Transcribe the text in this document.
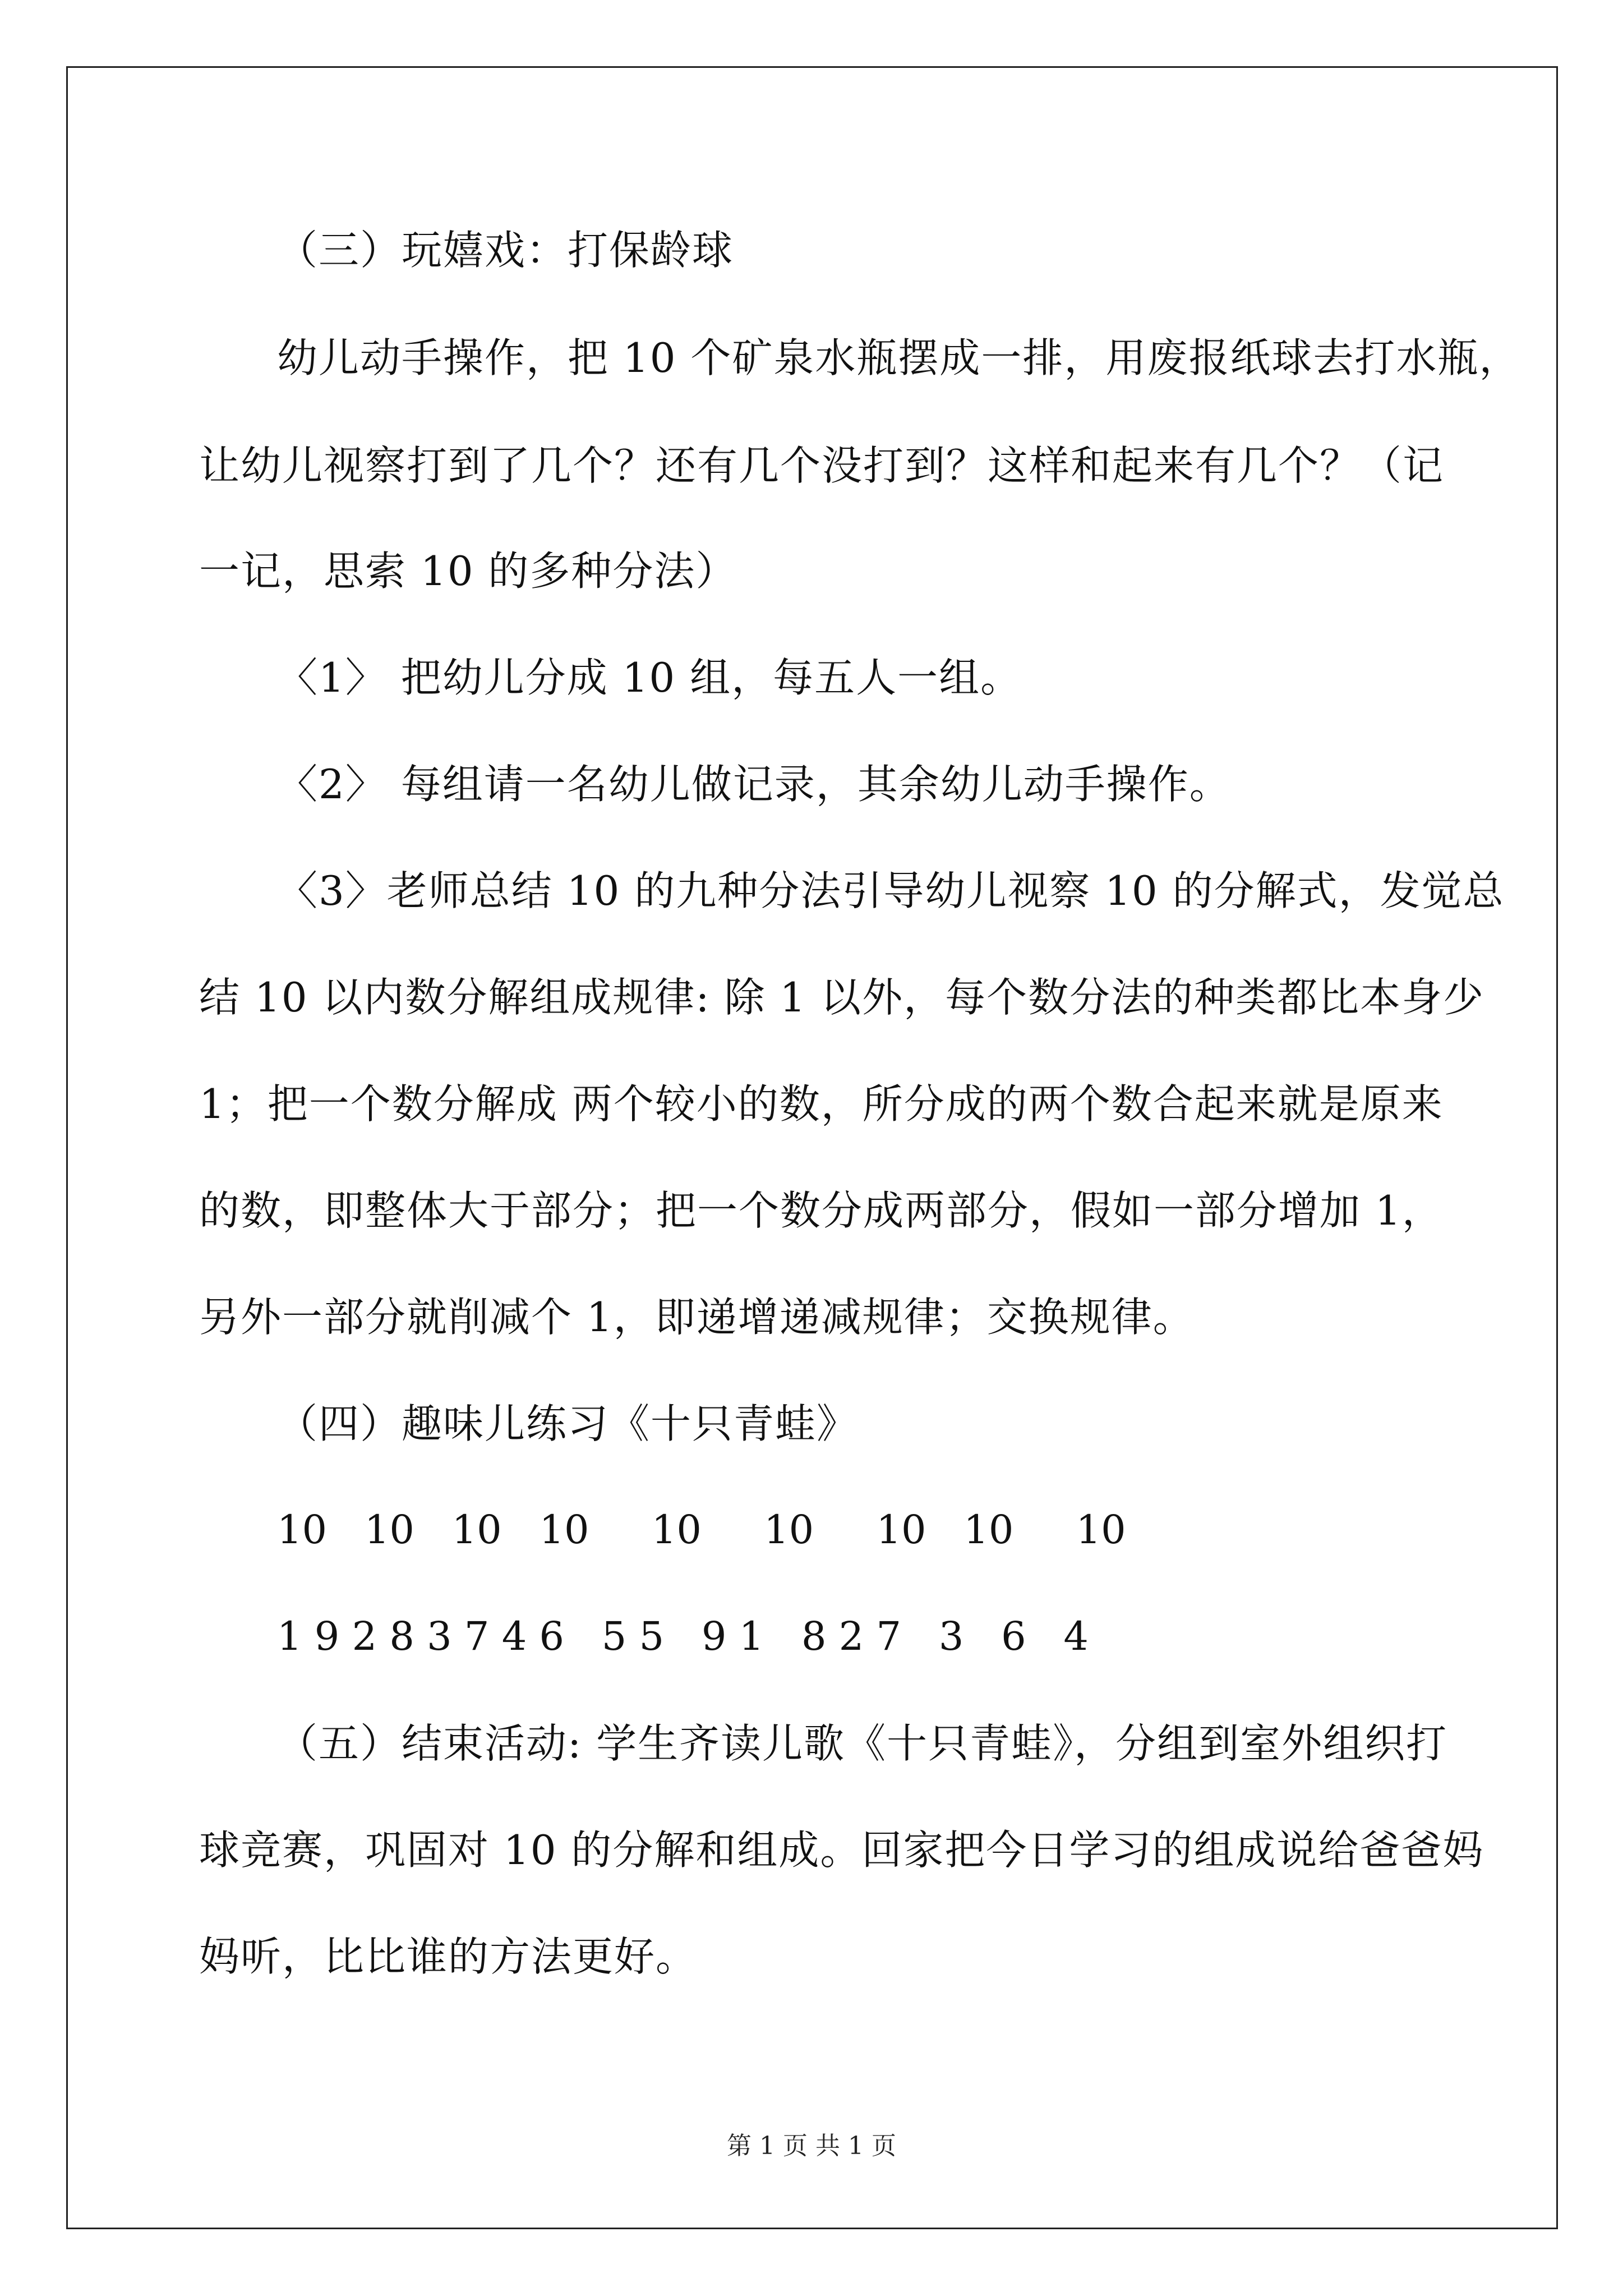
（三）玩嬉戏：打保龄球
幼儿动手操作，把 10 个矿泉水瓶摆成一排，用废报纸球去打水瓶，
让幼儿视察打到了几个？还有几个没打到？这样和起来有几个？（记
一记，思索 10 的多种分法）
〈1〉 把幼儿分成 10 组，每五人一组。
〈2〉 每组请一名幼儿做记录，其余幼儿动手操作。
〈3〉老师总结 10 的九种分法引导幼儿视察 10 的分解式，发觉总
结 10 以内数分解组成规律: 除 1 以外，每个数分法的种类都比本身少
1；把一个数分解成 两个较小的数，所分成的两个数合起来就是原来
的数，即整体大于部分；把一个数分成两部分，假如一部分增加 1，
另外一部分就削减个 1，即递增递减规律；交换规律。
（四）趣味儿练习《十只青蛙》
10   10   10   10     10     10     10   10     10
1 9 2 8 3 7 4 6   5 5   9 1   8 2 7   3   6   4
（五）结束活动: 学生齐读儿歌《十只青蛙》，分组到室外组织打
球竞赛，巩固对 10 的分解和组成。回家把今日学习的组成说给爸爸妈
妈听，比比谁的方法更好。
第 1 页 共 1 页
